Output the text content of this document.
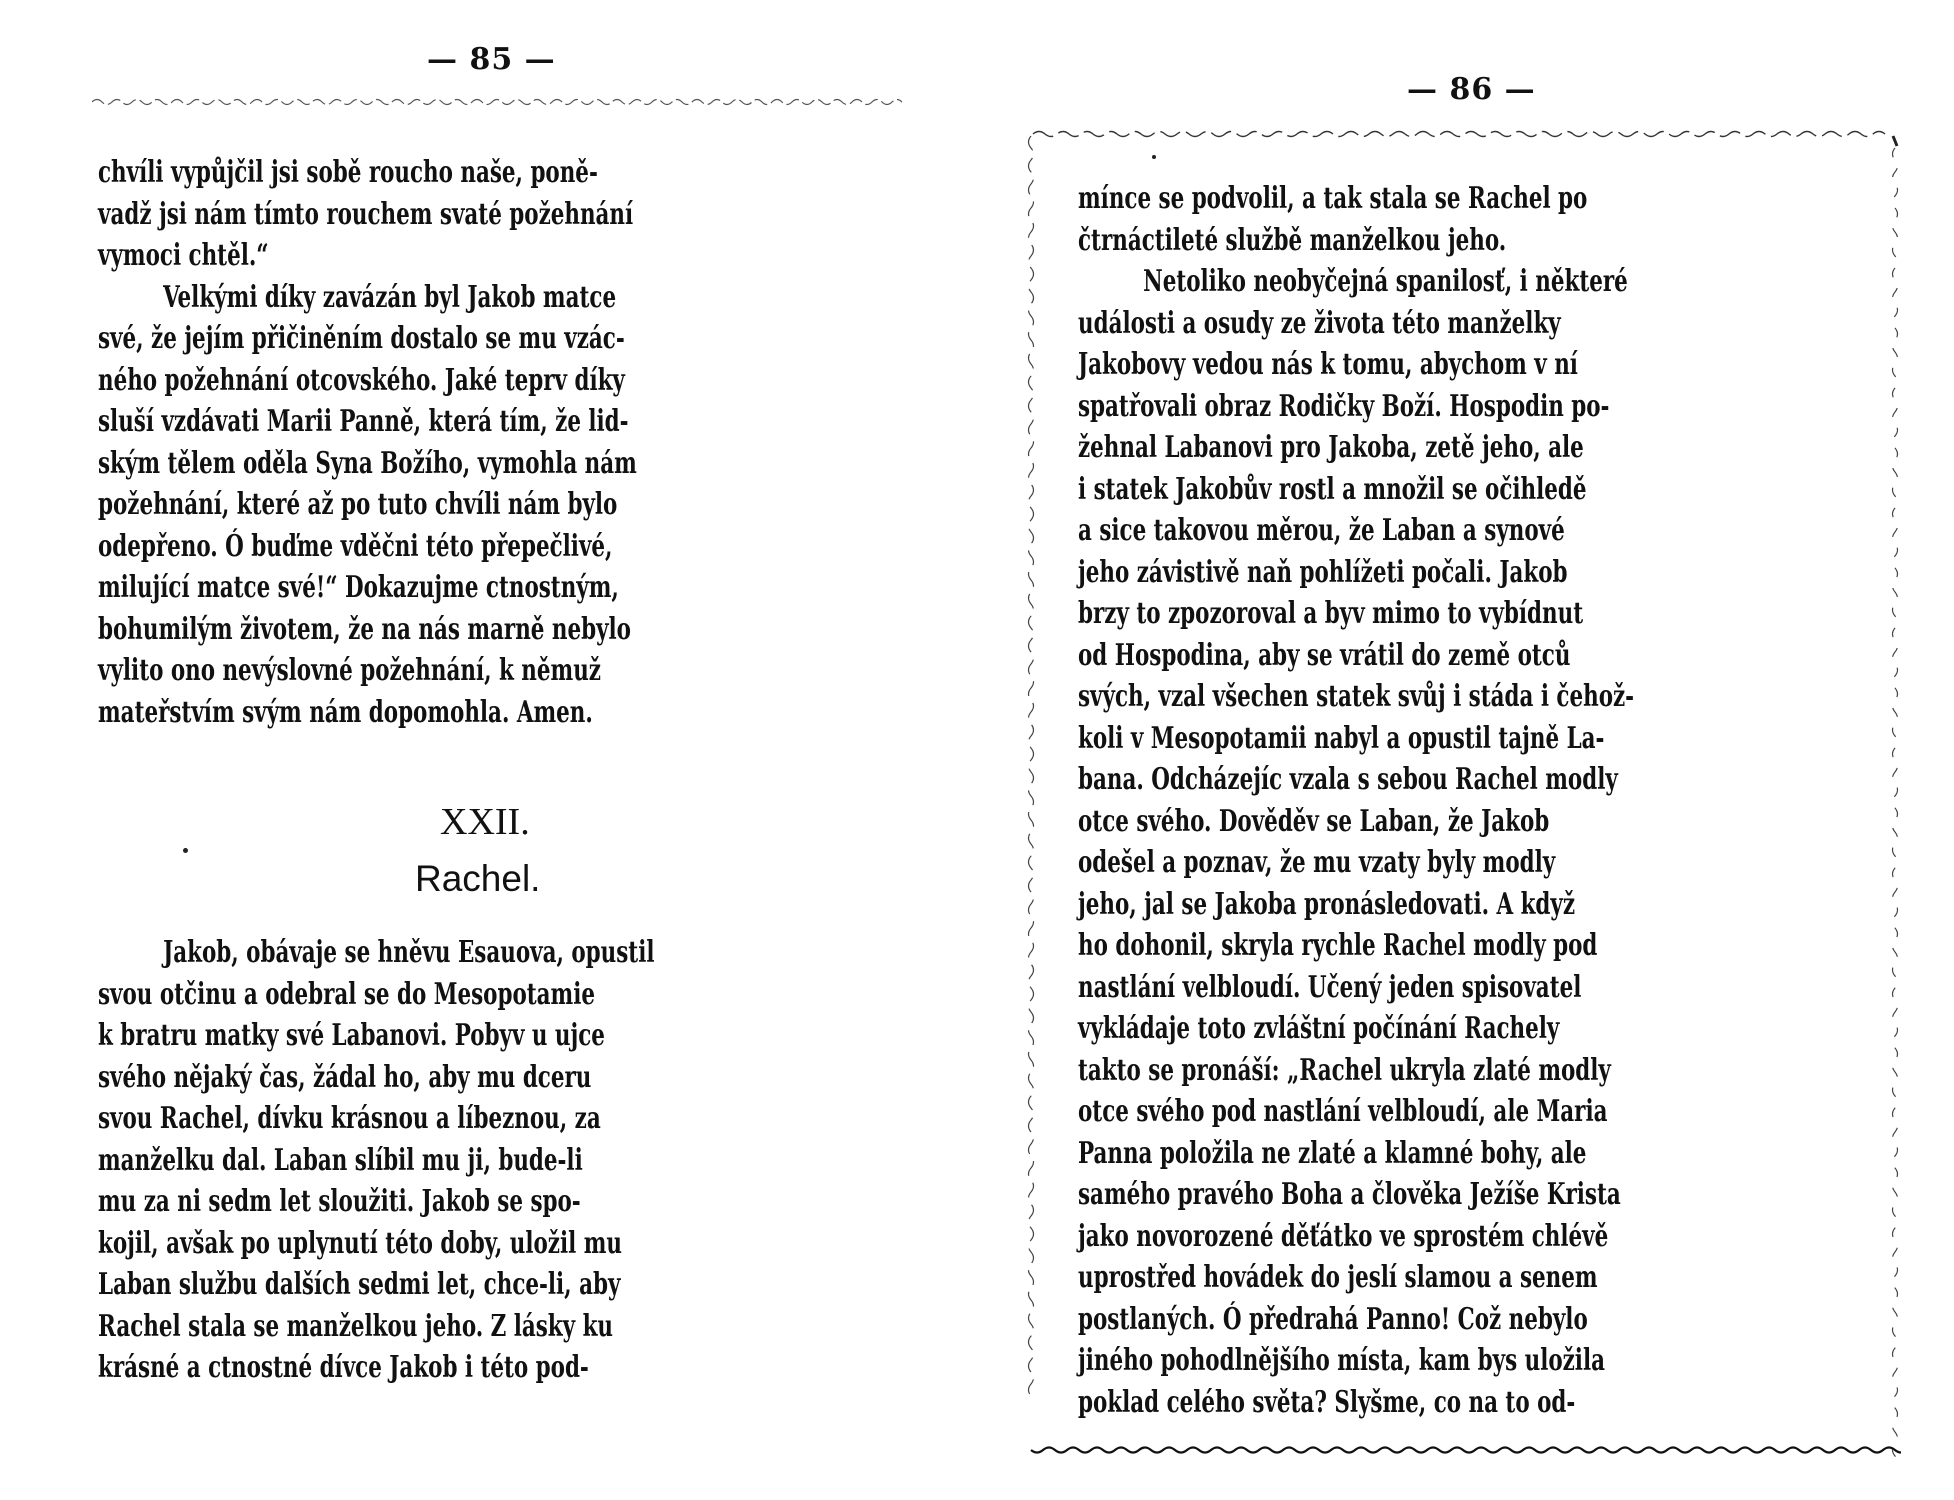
— 85 —

chvíli vypůjčil jsi sobě roucho naše, poně-
vadž jsi nám tímto rouchem svaté požehnání
vymoci chtěl.“

Velkými díky zavázán byl Jakob matce
své, že jejím přičiněním dostalo se mu vzác-
ného požehnání otcovského. Jaké teprv díky
sluší vzdávati Marii Panně, která tím, že lid-
ským tělem oděla Syna Božího, vymohla nám
požehnání, které až po tuto chvíli nám bylo
odepřeno. Ó buďme vděčni této přepečlivé,
milující matce své!“ Dokazujme ctnostným,
bohumilým životem, že na nás marně nebylo
vylito ono nevýslovné požehnání, k němuž
mateřstvím svým nám dopomohla. Amen.

XXII.
Rachel.

Jakob, obávaje se hněvu Esauova, opustil
svou otčinu a odebral se do Mesopotamie
k bratru matky své Labanovi. Pobyv u ujce
svého nějaký čas, žádal ho, aby mu dceru
svou Rachel, dívku krásnou a líbeznou, za
manželku dal. Laban slíbil mu ji, bude-li
mu za ni sedm let sloužiti. Jakob se spo-
kojil, avšak po uplynutí této doby, uložil mu
Laban službu dalších sedmi let, chce-li, aby
Rachel stala se manželkou jeho. Z lásky ku
krásné a ctnostné dívce Jakob i této pod-

— 86 —

mínce se podvolil, a tak stala se Rachel po
čtrnáctileté službě manželkou jeho.

Netoliko neobyčejná spanilosť, i některé
události a osudy ze života této manželky
Jakobovy vedou nás k tomu, abychom v ní
spatřovali obraz Rodičky Boží. Hospodin po-
žehnal Labanovi pro Jakoba, zetě jeho, ale
i statek Jakobův rostl a množil se očihledě
a sice takovou měrou, že Laban a synové
jeho závistivě naň pohlížeti počali. Jakob
brzy to zpozoroval a byv mimo to vybídnut
od Hospodina, aby se vrátil do země otců
svých, vzal všechen statek svůj i stáda i čehož-
koli v Mesopotamii nabyl a opustil tajně La-
bana. Odcházejíc vzala s sebou Rachel modly
otce svého. Dověděv se Laban, že Jakob
odešel a poznav, že mu vzaty byly modly
jeho, jal se Jakoba pronásledovati. A když
ho dohonil, skryla rychle Rachel modly pod
nastlání velbloudí. Učený jeden spisovatel
vykládaje toto zvláštní počínání Rachely
takto se pronáší: „Rachel ukryla zlaté modly
otce svého pod nastlání velbloudí, ale Maria
Panna položila ne zlaté a klamné bohy, ale
samého pravého Boha a člověka Ježíše Krista
jako novorozené děťátko ve sprostém chlévě
uprostřed hovádek do jeslí slamou a senem
postlaných. Ó předrahá Panno! Což nebylo
jiného pohodlnějšího místa, kam bys uložila
poklad celého světa? Slyšme, co na to od-
